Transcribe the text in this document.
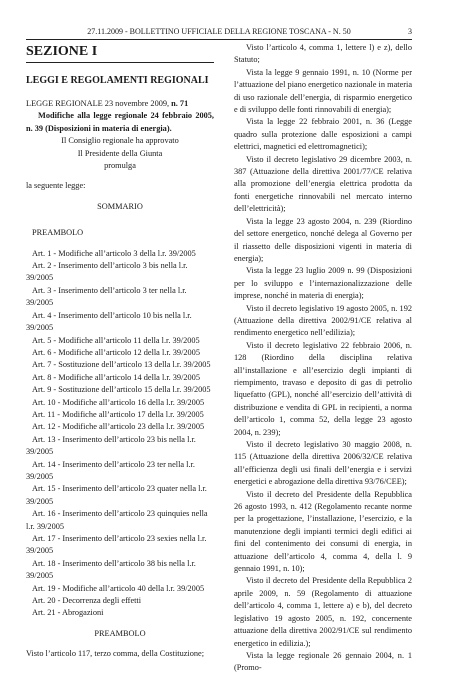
27.11.2009 - BOLLETTINO UFFICIALE DELLA REGIONE TOSCANA - N. 50	3
SEZIONE I
LEGGI E REGOLAMENTI REGIONALI

LEGGE REGIONALE 23 novembre 2009, n. 71

Modifiche alla legge regionale 24 febbraio 2005, n. 39 (Disposizioni in materia di energia).

Il Consiglio regionale ha approvato

Il Presidente della Giunta

promulga

la seguente legge:

SOMMARIO

PREAMBOLO

Art. 1 - Modifiche all’articolo 3 della l.r. 39/2005

Art. 2 - Inserimento dell’articolo 3 bis nella l.r. 39/2005

Art. 3 - Inserimento dell’articolo 3 ter nella l.r. 39/2005

Art. 4 - Inserimento dell’articolo 10 bis nella l.r. 39/2005

Art. 5 - Modifiche all’articolo 11 della l.r. 39/2005

Art. 6 - Modifiche all’articolo 12 della l.r. 39/2005

Art. 7 - Sostituzione dell’articolo 13 della l.r. 39/2005

Art. 8 - Modifiche all’articolo 14 della l.r. 39/2005

Art. 9 - Sostituzione dell’articolo 15 della l.r. 39/2005

Art. 10 - Modifiche all’articolo 16 della l.r. 39/2005

Art. 11 - Modifiche all’articolo 17 della l.r. 39/2005

Art. 12 - Modifiche all’articolo 23 della l.r. 39/2005

Art. 13 - Inserimento dell’articolo 23 bis nella l.r. 39/2005

Art. 14 - Inserimento dell’articolo 23 ter nella l.r. 39/2005

Art. 15 - Inserimento dell’articolo 23 quater nella l.r. 39/2005

Art. 16 - Inserimento dell’articolo 23 quinquies nella l.r. 39/2005

Art. 17 - Inserimento dell’articolo 23 sexies nella l.r. 39/2005

Art. 18 - Inserimento dell’articolo 38 bis nella l.r. 39/2005

Art. 19 - Modifiche all’articolo 40 della l.r. 39/2005

Art. 20 - Decorrenza degli effetti

Art. 21 - Abrogazioni

PREAMBOLO

Visto l’articolo 117, terzo comma, della Costituzione;

Visto l’articolo 4, comma 1, lettere l) e z), dello Statuto;

Vista la legge 9 gennaio 1991, n. 10 (Norme per l’attuazione del piano energetico nazionale in materia di uso razionale dell’energia, di risparmio energetico e di sviluppo delle fonti rinnovabili di energia);

Vista la legge 22 febbraio 2001, n. 36 (Legge quadro sulla protezione dalle esposizioni a campi elettrici, magnetici ed elettromagnetici);

Visto il decreto legislativo 29 dicembre 2003, n. 387 (Attuazione della direttiva 2001/77/CE relativa alla promozione dell’energia elettrica prodotta da fonti energetiche rinnovabili nel mercato interno dell’elettricità);

Vista la legge 23 agosto 2004, n. 239 (Riordino del settore energetico, nonché delega al Governo per il riassetto delle disposizioni vigenti in materia di energia);

Vista la legge 23 luglio 2009 n. 99 (Disposizioni per lo sviluppo e l’internazionalizzazione delle imprese, nonché in materia di energia);

Visto il decreto legislativo 19 agosto 2005, n. 192 (Attuazione della direttiva 2002/91/CE relativa al rendimento energetico nell’edilizia);

Visto il decreto legislativo 22 febbraio 2006, n. 128 (Riordino della disciplina relativa all’installazione e all’esercizio degli impianti di riempimento, travaso e deposito di gas di petrolio liquefatto (GPL), nonché all’esercizio dell’attività di distribuzione e vendita di GPL in recipienti, a norma dell’articolo 1, comma 52, della legge 23 agosto 2004, n. 239);

Visto il decreto legislativo 30 maggio 2008, n. 115 (Attuazione della direttiva 2006/32/CE relativa all’efficienza degli usi finali dell’energia e i servizi energetici e abrogazione della direttiva 93/76/CEE);

Visto il decreto del Presidente della Repubblica 26 agosto 1993, n. 412 (Regolamento recante norme per la progettazione, l’installazione, l’esercizio, e la manutenzione degli impianti termici degli edifici ai fini del contenimento dei consumi di energia, in attuazione dell’articolo 4, comma 4, della l. 9 gennaio 1991, n. 10);

Visto il decreto del Presidente della Repubblica 2 aprile 2009, n. 59 (Regolamento di attuazione dell’articolo 4, comma 1, lettere a) e b), del decreto legislativo 19 agosto 2005, n. 192, concernente attuazione della direttiva 2002/91/CE sul rendimento energetico in edilizia.);

Vista la legge regionale 26 gennaio 2004, n. 1 (Promo-
